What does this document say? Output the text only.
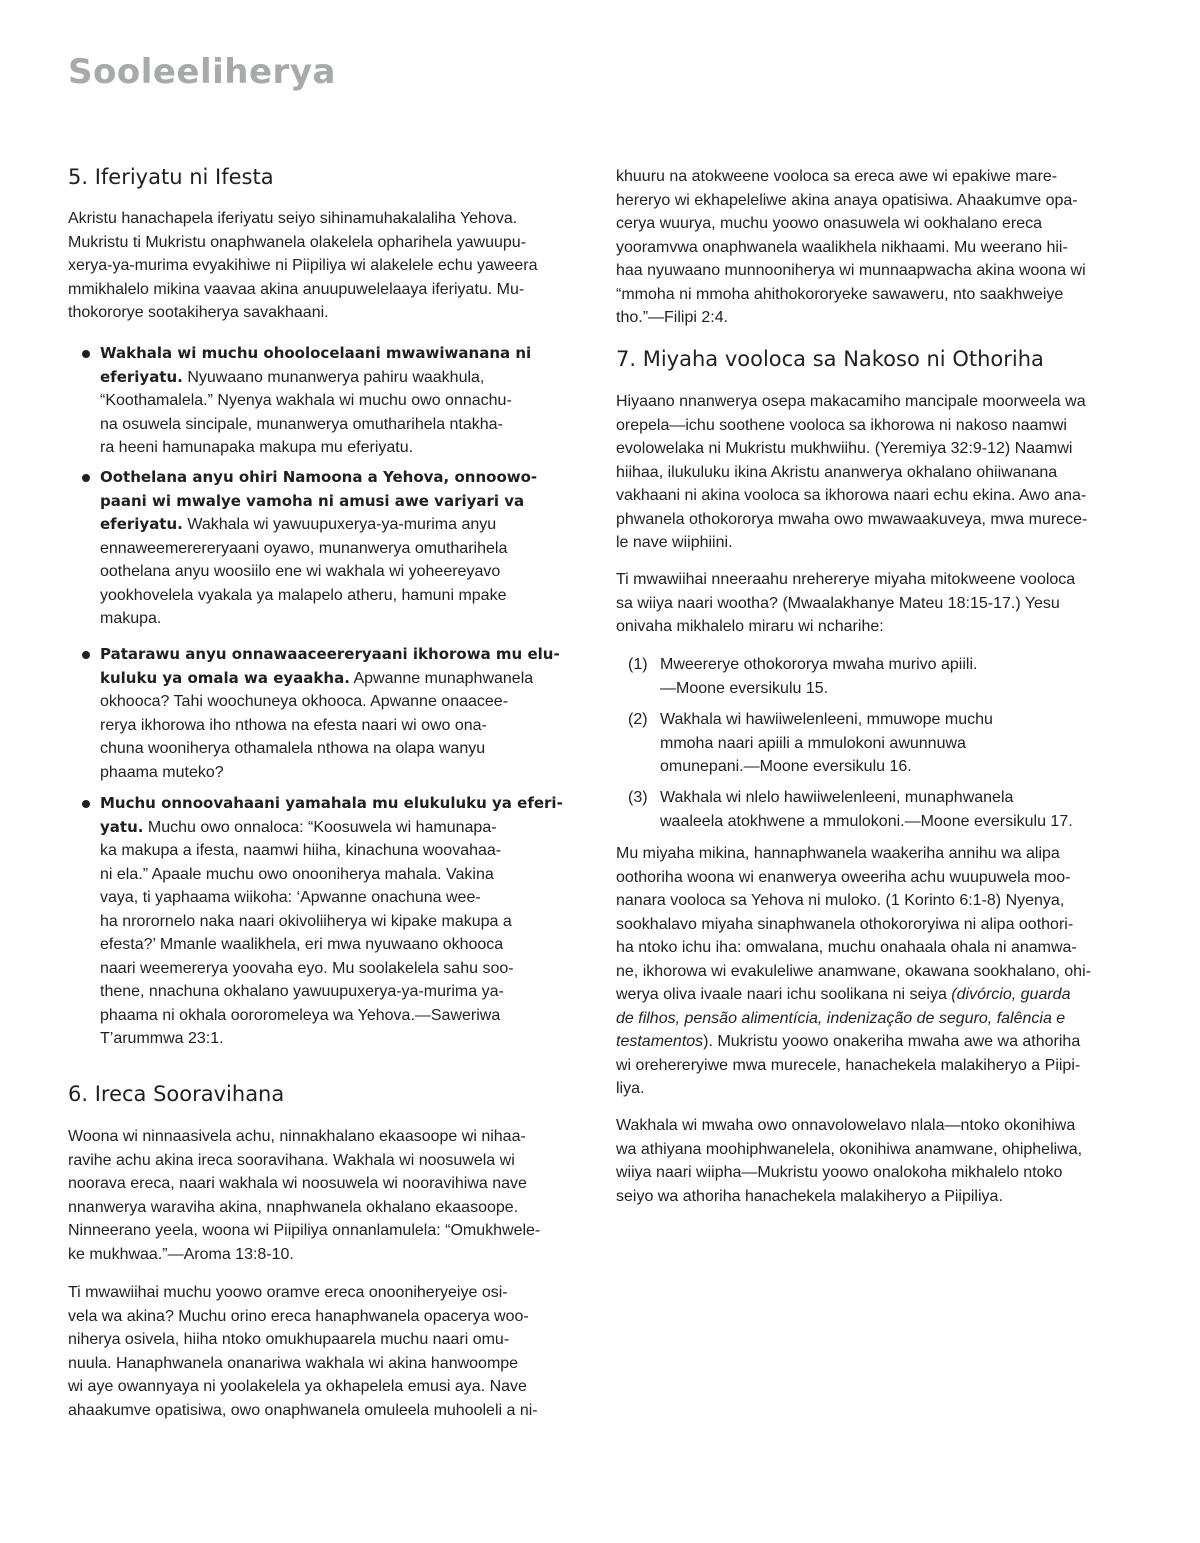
Sooleeliherya
5. Iferiyatu ni Ifesta
Akristu hanachapela iferiyatu seiyo sihinamuhakalaliha Yehova.
Mukristu ti Mukristu onaphwanela olakelela opharihela yawuupu-
xerya-ya-murima evyakihiwe ni Piipiliya wi alakelele echu yaweera
mmikhalelo mikina vaavaa akina anuupuwelelaaya iferiyatu. Mu-
thokororye sootakiherya savakhaani.
Wakhala wi muchu ohoolocelaani mwawiwanana ni
eferiyatu. Nyuwaano munanwerya pahiru waakhula,
“Koothamalela.” Nyenya wakhala wi muchu owo onnachu-
na osuwela sincipale, munanwerya omutharihela ntakha-
ra heeni hamunapaka makupa mu eferiyatu.
Oothelana anyu ohiri Namoona a Yehova, onnoowo-
paani wi mwalye vamoha ni amusi awe variyari va
eferiyatu. Wakhala wi yawuupuxerya-ya-murima anyu
ennaweemerereryaani oyawo, munanwerya omutharihela
oothelana anyu woosiilo ene wi wakhala wi yoheereyavo
yookhovelela vyakala ya malapelo atheru, hamuni mpake
makupa.
Patarawu anyu onnawaaceereryaani ikhorowa mu elu-
kuluku ya omala wa eyaakha. Apwanne munaphwanela
okhooca? Tahi woochuneya okhooca. Apwanne onaacee-
rerya ikhorowa iho nthowa na efesta naari wi owo ona-
chuna wooniherya othamalela nthowa na olapa wanyu
phaama muteko?
Muchu onnoovahaani yamahala mu elukuluku ya eferi-
yatu. Muchu owo onnaloca: “Koosuwela wi hamunapa-
ka makupa a ifesta, naamwi hiiha, kinachuna woovahaa-
ni ela.” Apaale muchu owo onooniherya mahala. Vakina
vaya, ti yaphaama wiikoha: ‘Apwanne onachuna wee-
ha nrorornelo naka naari okivoliiherya wi kipake makupa a
efesta?’ Mmanle waalikhela, eri mwa nyuwaano okhooca
naari weemererya yoovaha eyo. Mu soolakelela sahu soo-
thene, nnachuna okhalano yawuupuxerya-ya-murima ya-
phaama ni okhala oororomeleya wa Yehova.—Saweriwa
T’arummwa 23:1.
6. Ireca Sooravihana
Woona wi ninnaasivela achu, ninnakhalano ekaasoope wi nihaa-
ravihe achu akina ireca sooravihana. Wakhala wi noosuwela wi
noorava ereca, naari wakhala wi noosuwela wi nooravihiwa nave
nnanwerya waraviha akina, nnaphwanela okhalano ekaasoope.
Ninneerano yeela, woona wi Piipiliya onnanlamulela: “Omukhwele-
ke mukhwaa.”—Aroma 13:8-10.
Ti mwawiihai muchu yoowo oramve ereca onooniheryeiye osi-
vela wa akina? Muchu orino ereca hanaphwanela opacerya woo-
niherya osivela, hiiha ntoko omukhupaarela muchu naari omu-
nuula. Hanaphwanela onanariwa wakhala wi akina hanwoompe
wi aye owannyaya ni yoolakelela ya okhapelela emusi aya. Nave
ahaakumve opatisiwa, owo onaphwanela omuleela muhooleli a ni-
khuuru na atokweene vooloca sa ereca awe wi epakiwe mare-
hereryo wi ekhapeleliwe akina anaya opatisiwa. Ahaakumve opa-
cerya wuurya, muchu yoowo onasuwela wi ookhalano ereca
yooramvwa onaphwanela waalikhela nikhaami. Mu weerano hii-
haa nyuwaano munnooniherya wi munnaapwacha akina woona wi
“mmoha ni mmoha ahithokororyeke sawaweru, nto saakhweiye
tho.”—Filipi 2:4.
7. Miyaha vooloca sa Nakoso ni Othoriha
Hiyaano nnanwerya osepa makacamiho mancipale moorweela wa
orepela—ichu soothene vooloca sa ikhorowa ni nakoso naamwi
evolowelaka ni Mukristu mukhwiihu. (Yeremiya 32:9-12) Naamwi
hiihaa, ilukuluku ikina Akristu ananwerya okhalano ohiiwanana
vakhaani ni akina vooloca sa ikhorowa naari echu ekina. Awo ana-
phwanela othokororya mwaha owo mwawaakuveya, mwa murece-
le nave wiiphiini.
Ti mwawiihai nneeraahu nrehererye miyaha mitokweene vooloca
sa wiiya naari wootha? (Mwaalakhanye Mateu 18:15-17.) Yesu
onivaha mikhalelo miraru wi ncharihe:
(1) Mweererye othokororya mwaha murivo apiili.
—Moone eversikulu 15.
(2) Wakhala wi hawiiwelenleeni, mmuwope muchu
mmoha naari apiili a mmulokoni awunnuwa
omunepani.—Moone eversikulu 16.
(3) Wakhala wi nlelo hawiiwelenleeni, munaphwanela
waaleela atokhwene a mmulokoni.—Moone eversikulu 17.
Mu miyaha mikina, hannaphwanela waakeriha annihu wa alipa
oothoriha woona wi enanwerya oweeriha achu wuupuwela moo-
nanara vooloca sa Yehova ni muloko. (1 Korinto 6:1-8) Nyenya,
sookhalavo miyaha sinaphwanela othokororyiwa ni alipa oothori-
ha ntoko ichu iha: omwalana, muchu onahaala ohala ni anamwa-
ne, ikhorowa wi evakuleliwe anamwane, okawana sookhalano, ohi-
werya oliva ivaale naari ichu soolikana ni seiya (divórcio, guarda
de filhos, pensão alimentícia, indenização de seguro, falência e
testamentos). Mukristu yoowo onakeriha mwaha awe wa athoriha
wi orehereryiwe mwa murecele, hanachekela malakiheryo a Piipi-
liya.
Wakhala wi mwaha owo onnavolowelavo nlala—ntoko okonihiwa
wa athiyana moohiphwanelela, okonihiwa anamwane, ohipheliwa,
wiiya naari wiipha—Mukristu yoowo onalokoha mikhalelo ntoko
seiyo wa athoriha hanachekela malakiheryo a Piipiliya.
